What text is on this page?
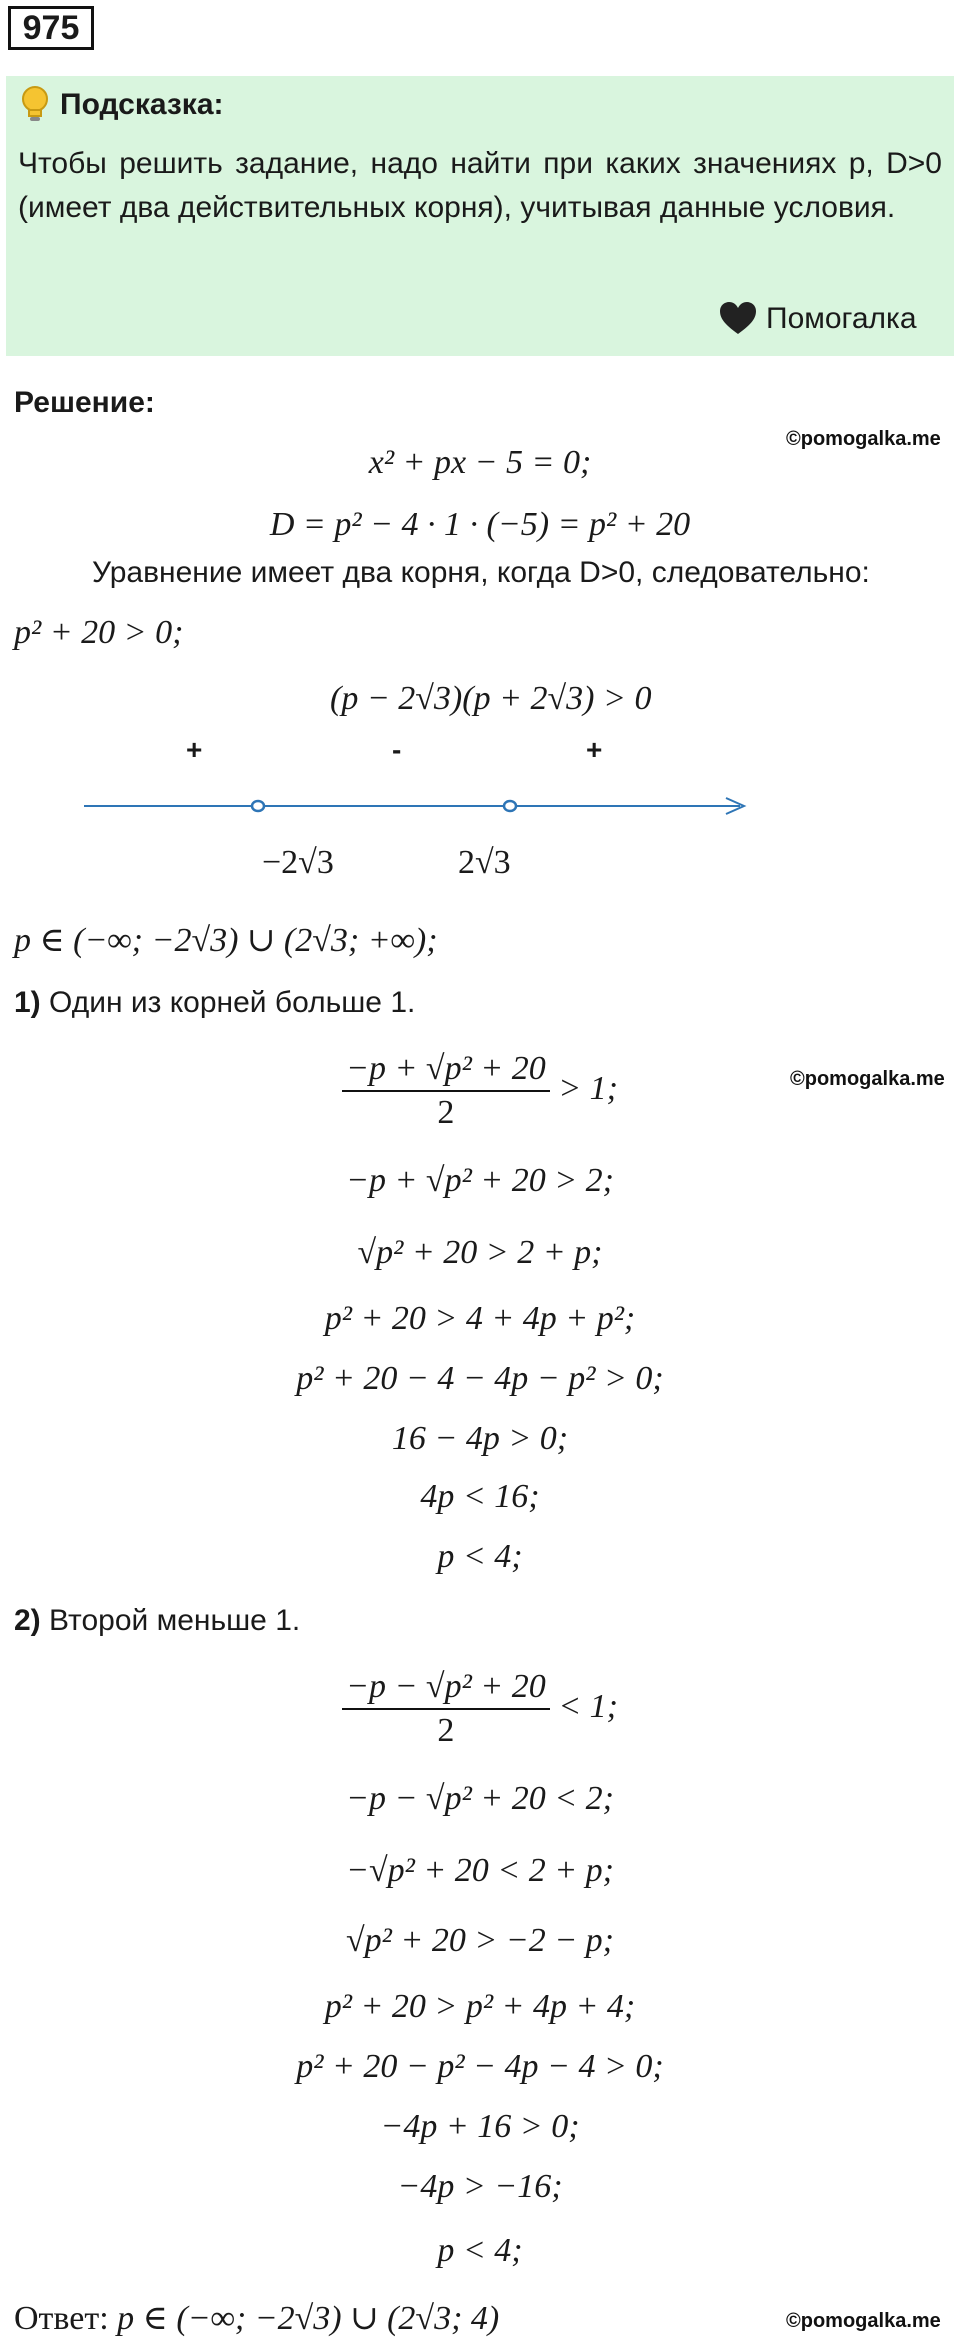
975
Подсказка:
Чтобы решить задание, надо найти при каких значениях p, D>0 (имеет два действительных корня), учитывая данные условия.
Помогалка
Решение:
©pomogalka.me
x² + px − 5 = 0;
D = p² − 4 · 1 · (−5) = p² + 20
Уравнение имеет два корня, когда D>0, следовательно:
p² + 20 > 0;
(p − 2√3)(p + 2√3) > 0
+	-	+
−2√3	2√3
p ∈ (−∞; −2√3) ∪ (2√3; +∞);
1) Один из корней больше 1.
$\frac{\text{−p + √p² + 20}}{2} > 1$;	©pomogalka.me
−p + √p² + 20 > 2;
√p² + 20 > 2 + p;
p² + 20 > 4 + 4p + p²;
p² + 20 − 4 − 4p − p² > 0;
16 − 4p > 0;
4p < 16;
p < 4;
2) Второй меньше 1.
$\frac{\text{−p − √p² + 20}}{2} < 1$;
−p − √p² + 20 < 2;
−√p² + 20 < 2 + p;
√p² + 20 > −2 − p;
p² + 20 > p² + 4p + 4;
p² + 20 − p² − 4p − 4 > 0;
−4p + 16 > 0;
−4p > −16;
p < 4;
Ответ: p ∈ (−∞; −2√3) ∪ (2√3; 4)	©pomogalka.me
